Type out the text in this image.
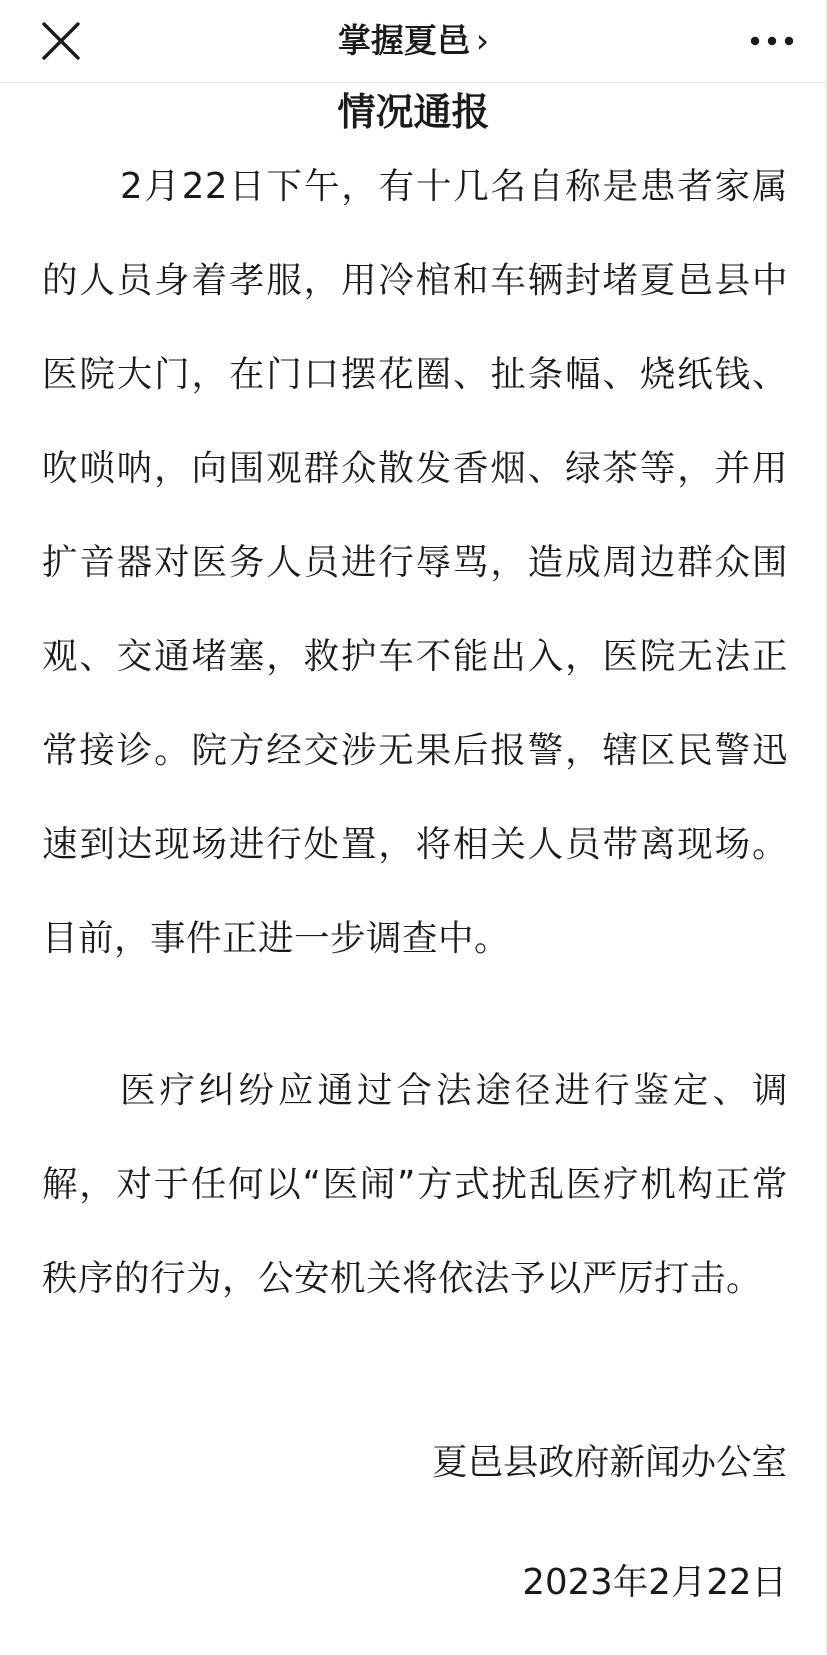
掌握夏邑 ›
情况通报

2月22日下午，有十几名自称是患者家属的人员身着孝服，用冷棺和车辆封堵夏邑县中医院大门，在门口摆花圈、扯条幅、烧纸钱、吹唢呐，向围观群众散发香烟、绿茶等，并用扩音器对医务人员进行辱骂，造成周边群众围观、交通堵塞，救护车不能出入，医院无法正常接诊。院方经交涉无果后报警，辖区民警迅速到达现场进行处置，将相关人员带离现场。目前，事件正进一步调查中。

医疗纠纷应通过合法途径进行鉴定、调解，对于任何以“医闹”方式扰乱医疗机构正常秩序的行为，公安机关将依法予以严厉打击。

夏邑县政府新闻办公室
2023年2月22日
